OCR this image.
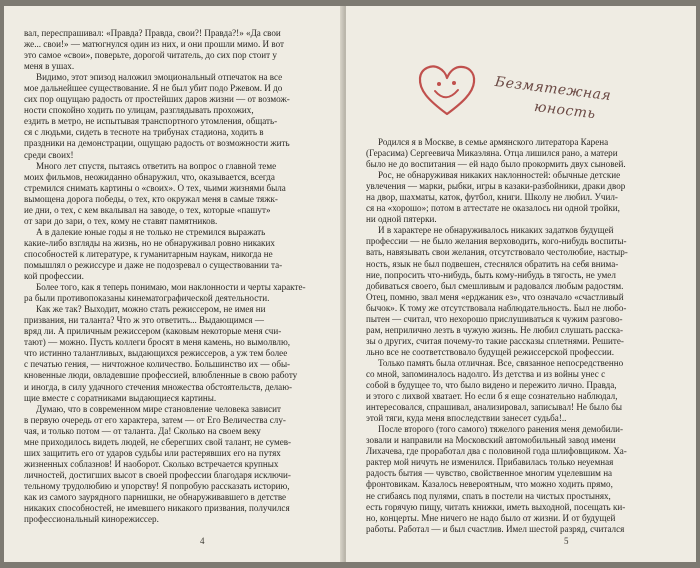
вал, переспрашивал: «Правда? Правда, свои?! Правда?!» «Да свои
же... свои!» — матюгнулся один из них, и они прошли мимо. И вот
это самое «свои», поверьте, дорогой читатель, до сих пор стоит у
меня в ушах.

Видимо, этот эпизод наложил эмоциональный отпечаток на все
мое дальнейшее существование. Я не был убит подо Ржевом. И до
сих пор ощущаю радость от простейших даров жизни — от возмож-
ности спокойно ходить по улицам, разглядывать прохожих,
ездить в метро, не испытывая транспортного утомления, общать-
ся с людьми, сидеть в тесноте на трибунах стадиона, ходить в
праздники на демонстрации, ощущаю радость от возможности жить
среди своих!

Много лет спустя, пытаясь ответить на вопрос о главной теме
моих фильмов, неожиданно обнаружил, что, оказывается, всегда
стремился снимать картины о «своих». О тех, чьими жизнями была
вымощена дорога победы, о тех, кто окружал меня в самые тяжк-
ие дни, о тех, с кем вкалывал на заводе, о тех, которые «пашут»
от зари до зари, о тех, кому не ставят памятников.

А в далекие юные годы я не только не стремился выражать
какие-либо взгляды на жизнь, но не обнаруживал ровно никаких
способностей к литературе, к гуманитарным наукам, никогда не
помышлял о режиссуре и даже не подозревал о существовании та-
кой профессии.

Более того, как я теперь понимаю, мои наклонности и черты характе-
ра были противопоказаны кинематографической деятельности.

Как же так? Выходит, можно стать режиссером, не имея ни
призвания, ни таланта? Что ж это ответить... Выдающимся —
вряд ли. А приличным режиссером (каковым некоторые меня счи-
тают) — можно. Пусть коллеги бросят в меня камень, но вымолвлю,
что истинно талантливых, выдающихся режиссеров, а уж тем более
с печатью гения, — ничтожное количество. Большинство их — обы-
кновенные люди, овладевшие профессией, влюбленные в свою работу
и иногда, в силу удачного стечения множества обстоятельств, делаю-
щие вместе с соратниками выдающиеся картины.

Думаю, что в современном мире становление человека зависит
в первую очередь от его характера, затем — от Его Величества слу-
чая, и только потом — от таланта. Да! Сколько на своем веку
мне приходилось видеть людей, не сберегших свой талант, не сумев-
ших защитить его от ударов судьбы или растерявших его на путях
жизненных соблазнов! И наоборот. Сколько встречается крупных
личностей, достигших высот в своей профессии благодаря исключи-
тельному трудолюбию и упорству! Я попробую рассказать историю,
как из самого заурядного парнишки, не обнаруживавшего в детстве
никаких способностей, не имевшего никакого призвания, получился
профессиональный кинорежиссер.

4
Безмятежная
юность

Родился я в Москве, в семье армянского литератора Карена
(Герасима) Сергеевича Микаэляна. Отца лишился рано, а матери
было не до воспитания — ей надо было прокормить двух сыновей.

Рос, не обнаруживая никаких наклонностей: обычные детские
увлечения — марки, рыбки, игры в казаки-разбойники, драки двор
на двор, шахматы, каток, футбол, книги. Школу не любил. Учил-
ся на «хорошо»; потом в аттестате не оказалось ни одной тройки,
ни одной пятерки.

И в характере не обнаруживалось никаких задатков будущей
профессии — не было желания верховодить, кого-нибудь воспиты-
вать, навязывать свои желания, отсутствовало честолюбие, настыр-
ность, язык не был подвешен, стеснялся обратить на себя внима-
ние, попросить что-нибудь, быть кому-нибудь в тягость, не умел
добиваться своего, был смешливым и радовался любым радостям.
Отец, помню, звал меня «ерджаник ез», что означало «счастливый
бычок». К тому же отсутствовала наблюдательность. Был не любо-
пытен — считал, что нехорошо прислушиваться к чужим разгово-
рам, неприлично лезть в чужую жизнь. Не любил слушать расска-
зы о других, считая почему-то такие рассказы сплетнями. Решите-
льно все не соответствовало будущей режиссерской профессии.

Только память была отличная. Все, связанное непосредственно
со мной, запоминалось надолго. Из детства и из войны унес с
собой в будущее то, что было видено и пережито лично. Правда,
и этого с лихвой хватает. Но если б я еще сознательно наблюдал,
интересовался, спрашивал, анализировал, записывал! Не было бы
этой тяги, куда меня впоследствии занесет судьба!..

После второго (того самого) тяжелого ранения меня демобили-
зовали и направили на Московский автомобильный завод имени
Лихачева, где проработал два с половиной года шлифовщиком. Ха-
рактер мой ничуть не изменился. Прибавилась только неуемная
радость бытия — чувство, свойственное многим уцелевшим на
фронтовикам. Казалось невероятным, что можно ходить прямо,
не сгибаясь под пулями, спать в постели на чистых простынях,
есть горячую пищу, читать книжки, иметь выходной, посещать ки-
но, концерты. Мне ничего не надо было от жизни. И от будущей
работы. Работал — и был счастлив. Имел шестой разряд, считался

5
